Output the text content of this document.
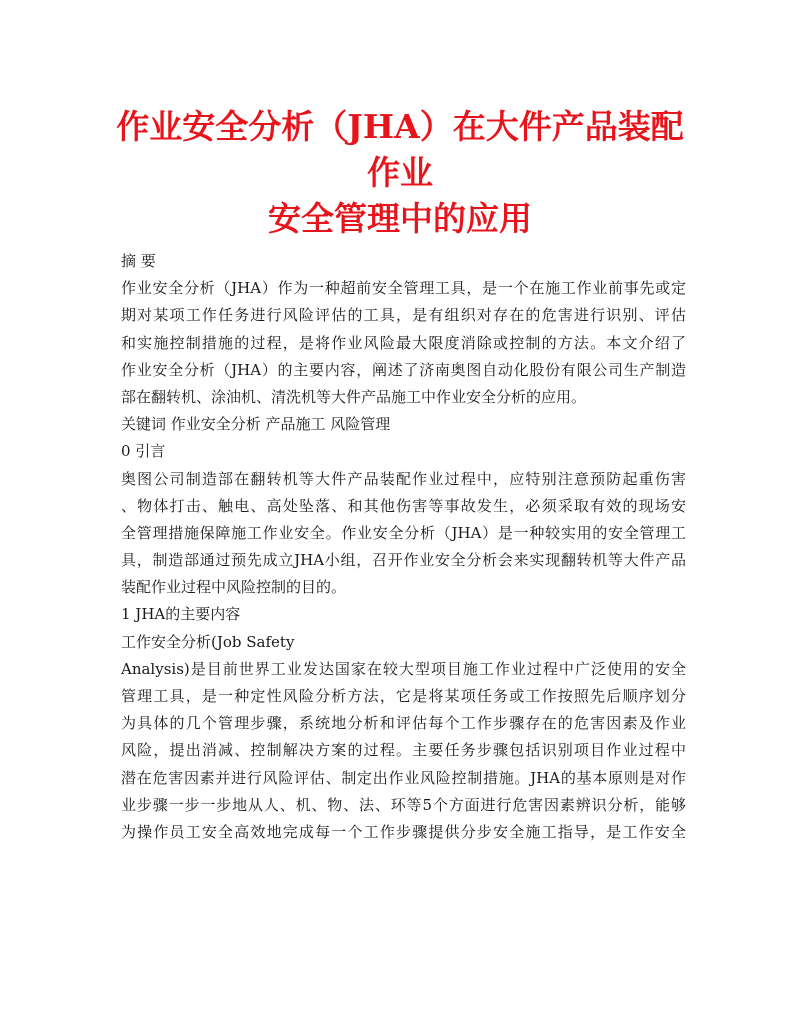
作业安全分析（JHA）在大件产品装配作业
安全管理中的应用
摘 要
作业安全分析（JHA）作为一种超前安全管理工具，是一个在施工作业前事先或定
期对某项工作任务进行风险评估的工具，是有组织对存在的危害进行识别、评估
和实施控制措施的过程，是将作业风险最大限度消除或控制的方法。本文介绍了
作业安全分析（JHA）的主要内容，阐述了济南奥图自动化股份有限公司生产制造
部在翻转机、涂油机、清洗机等大件产品施工中作业安全分析的应用。
关键词 作业安全分析 产品施工 风险管理
0 引言
奥图公司制造部在翻转机等大件产品装配作业过程中，应特别注意预防起重伤害
、物体打击、触电、高处坠落、和其他伤害等事故发生，必须采取有效的现场安
全管理措施保障施工作业安全。作业安全分析（JHA）是一种较实用的安全管理工
具，制造部通过预先成立JHA小组，召开作业安全分析会来实现翻转机等大件产品
装配作业过程中风险控制的目的。
1 JHA的主要内容
工作安全分析(Job Safety
Analysis)是目前世界工业发达国家在较大型项目施工作业过程中广泛使用的安全
管理工具，是一种定性风险分析方法，它是将某项任务或工作按照先后顺序划分
为具体的几个管理步骤，系统地分析和评估每个工作步骤存在的危害因素及作业
风险，提出消减、控制解决方案的过程。主要任务步骤包括识别项目作业过程中
潜在危害因素并进行风险评估、制定出作业风险控制措施。JHA的基本原则是对作
业步骤一步一步地从人、机、物、法、环等5个方面进行危害因素辨识分析，能够
为操作员工安全高效地完成每一个工作步骤提供分步安全施工指导，是工作安全
